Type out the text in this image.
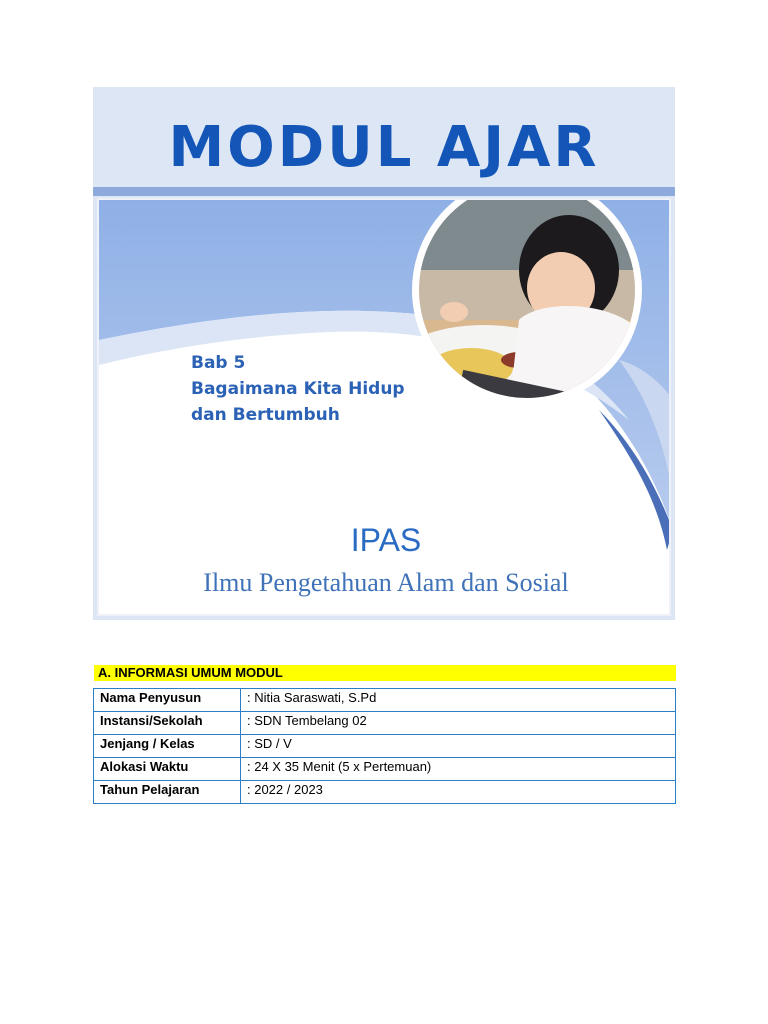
MODUL AJAR
Bab 5
Bagaimana Kita Hidup
dan Bertumbuh
IPAS
Ilmu Pengetahuan Alam dan Sosial
A. INFORMASI UMUM MODUL
Nama Penyusun	: Nitia Saraswati, S.Pd
Instansi/Sekolah	: SDN Tembelang 02
Jenjang / Kelas	: SD / V
Alokasi Waktu	: 24 X 35 Menit (5 x Pertemuan)
Tahun Pelajaran	: 2022 / 2023
